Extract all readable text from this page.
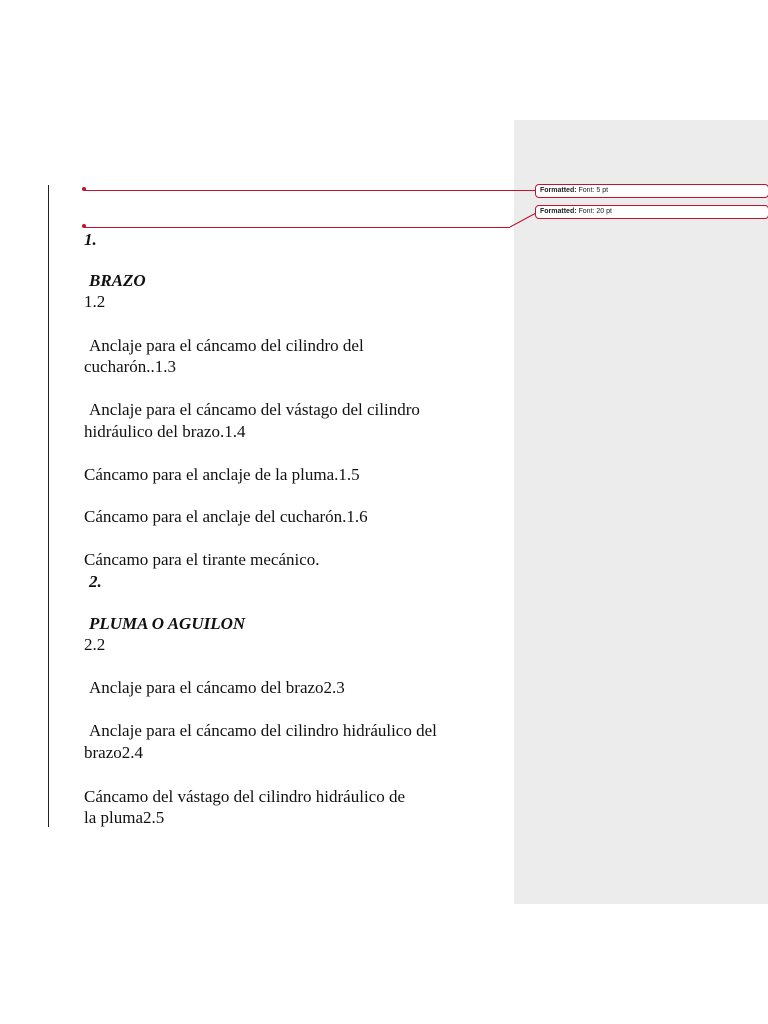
Formatted: Font: 5 pt
Formatted: Font: 20 pt
1.
BRAZO
1.2
Anclaje para el cáncamo del cilindro del
cucharón..1.3
Anclaje para el cáncamo del vástago del cilindro
hidráulico del brazo.1.4
Cáncamo para el anclaje de la pluma.1.5
Cáncamo para el anclaje del cucharón.1.6
Cáncamo para el tirante mecánico.
2.
PLUMA O AGUILON
2.2
Anclaje para el cáncamo del brazo2.3
Anclaje para el cáncamo del cilindro hidráulico del
brazo2.4
Cáncamo del vástago del cilindro hidráulico de
la pluma2.5
